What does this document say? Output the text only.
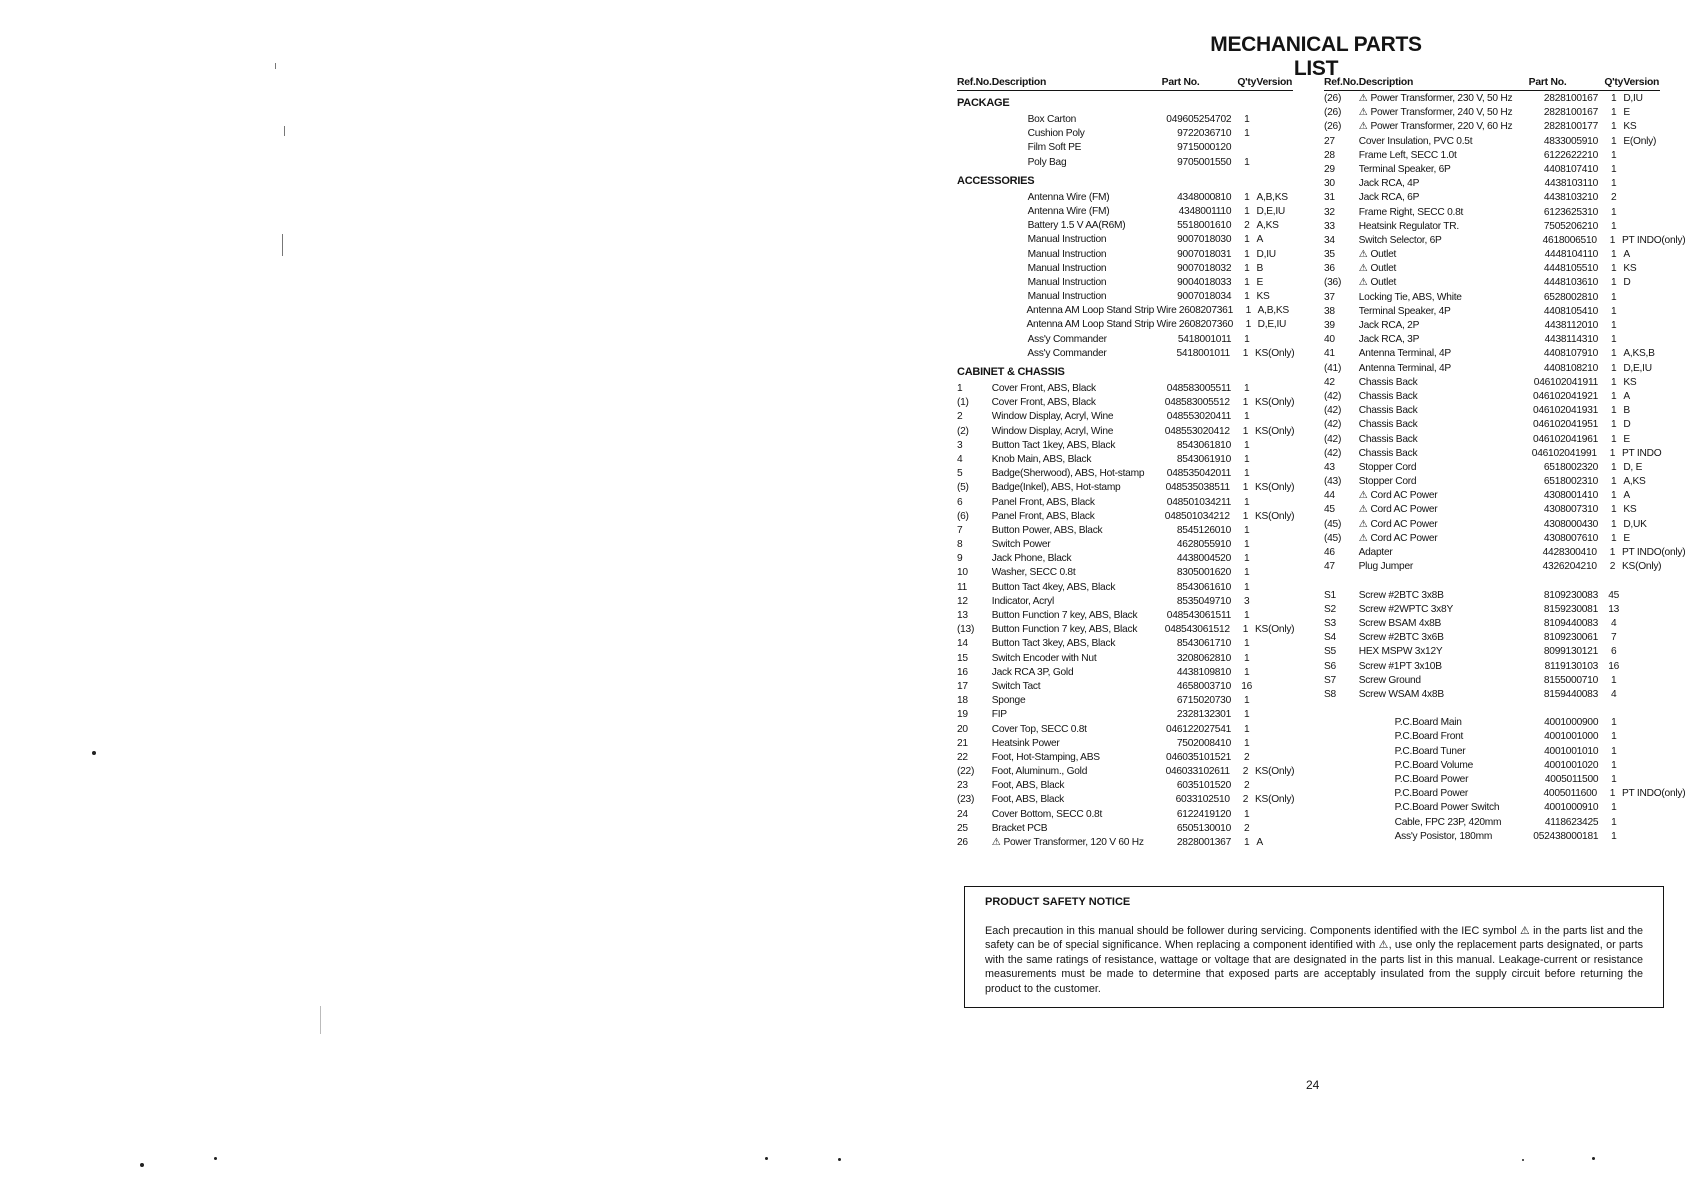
MECHANICAL PARTS LIST
Ref.No. Description	Part No.	Q'ty Version
PACKAGE
Box Carton	049605254702	1
Cushion Poly	9722036710	1
Film Soft PE	9715000120
Poly Bag	9705001550	1
ACCESSORIES
Antenna Wire (FM)	4348000810	1 A,B,KS
Antenna Wire (FM)	4348001110	1 D,E,IU
Battery 1.5 V AA(R6M)	5518001610	2 A,KS
Manual Instruction	9007018030	1 A
Manual Instruction	9007018031	1 D,IU
Manual Instruction	9007018032	1 B
Manual Instruction	9004018033	1 E
Manual Instruction	9007018034	1 KS
Antenna AM Loop Stand Strip Wire 2608207361	1 A,B,KS
Antenna AM Loop Stand Strip Wire 2608207360	1 D,E,IU
Ass'y Commander	5418001011	1
Ass'y Commander	5418001011	1 KS(Only)
CABINET & CHASSIS
1	Cover Front, ABS, Black	048583005511	1
(1)	Cover Front, ABS, Black	048583005512	1 KS(Only)
2	Window Display, Acryl, Wine	048553020411	1
(2)	Window Display, Acryl, Wine	048553020412	1 KS(Only)
3	Button Tact 1key, ABS, Black	8543061810	1
4	Knob Main, ABS, Black	8543061910	1
5	Badge(Sherwood), ABS, Hot-stamp	048535042011	1
(5)	Badge(Inkel), ABS, Hot-stamp	048535038511	1 KS(Only)
6	Panel Front, ABS, Black	048501034211	1
(6)	Panel Front, ABS, Black	048501034212	1 KS(Only)
7	Button Power, ABS, Black	8545126010	1
8	Switch Power	4628055910	1
9	Jack Phone, Black	4438004520	1
10	Washer, SECC 0.8t	8305001620	1
11	Button Tact 4key, ABS, Black	8543061610	1
12	Indicator, Acryl	8535049710	3
13	Button Function 7 key, ABS, Black	048543061511	1
(13)	Button Function 7 key, ABS, Black	048543061512	1 KS(Only)
14	Button Tact 3key, ABS, Black	8543061710	1
15	Switch Encoder with Nut	3208062810	1
16	Jack RCA 3P, Gold	4438109810	1
17	Switch Tact	4658003710	16
18	Sponge	6715020730	1
19	FIP	2328132301	1
20	Cover Top, SECC 0.8t	046122027541	1
21	Heatsink Power	7502008410	1
22	Foot, Hot-Stamping, ABS	046035101521	2
(22)	Foot, Aluminum., Gold	046033102611	2 KS(Only)
23	Foot, ABS, Black	6035101520	2
(23)	Foot, ABS, Black	6033102510	2 KS(Only)
24	Cover Bottom, SECC 0.8t	6122419120	1
25	Bracket PCB	6505130010	2
26	⚠ Power Transformer, 120 V 60 Hz	2828001367	1 A
Ref.No. Description	Part No.	Q'ty Version
(26)	⚠ Power Transformer, 230 V, 50 Hz	2828100167	1 D,IU
(26)	⚠ Power Transformer, 240 V, 50 Hz	2828100167	1 E
(26)	⚠ Power Transformer, 220 V, 60 Hz	2828100177	1 KS
27	Cover Insulation, PVC 0.5t	4833005910	1 E(Only)
28	Frame Left, SECC 1.0t	6122622210	1
29	Terminal Speaker, 6P	4408107410	1
30	Jack RCA, 4P	4438103110	1
31	Jack RCA, 6P	4438103210	2
32	Frame Right, SECC 0.8t	6123625310	1
33	Heatsink Regulator TR.	7505206210	1
34	Switch Selector, 6P	4618006510	1 PT INDO(only)
35	⚠ Outlet	4448104110	1 A
36	⚠ Outlet	4448105510	1 KS
(36)	⚠ Outlet	4448103610	1 D
37	Locking Tie, ABS, White	6528002810	1
38	Terminal Speaker, 4P	4408105410	1
39	Jack RCA, 2P	4438112010	1
40	Jack RCA, 3P	4438114310	1
41	Antenna Terminal, 4P	4408107910	1 A,KS,B
(41)	Antenna Terminal, 4P	4408108210	1 D,E,IU
42	Chassis Back	046102041911	1 KS
(42)	Chassis Back	046102041921	1 A
(42)	Chassis Back	046102041931	1 B
(42)	Chassis Back	046102041951	1 D
(42)	Chassis Back	046102041961	1 E
(42)	Chassis Back	046102041991	1 PT INDO
43	Stopper Cord	6518002320	1 D, E
(43)	Stopper Cord	6518002310	1 A,KS
44	⚠ Cord AC Power	4308001410	1 A
45	⚠ Cord AC Power	4308007310	1 KS
(45)	⚠ Cord AC Power	4308000430	1 D,UK
(45)	⚠ Cord AC Power	4308007610	1 E
46	Adapter	4428300410	1 PT INDO(only)
47	Plug Jumper	4326204210	2 KS(Only)
S1	Screw #2BTC 3x8B	8109230083	45
S2	Screw #2WPTC 3x8Y	8159230081	13
S3	Screw BSAM 4x8B	8109440083	4
S4	Screw #2BTC 3x6B	8109230061	7
S5	HEX MSPW 3x12Y	8099130121	6
S6	Screw #1PT 3x10B	8119130103	16
S7	Screw Ground	8155000710	1
S8	Screw WSAM 4x8B	8159440083	4
P.C.Board Main	4001000900	1
P.C.Board Front	4001001000	1
P.C.Board Tuner	4001001010	1
P.C.Board Volume	4001001020	1
P.C.Board Power	4005011500	1
P.C.Board Power	4005011600	1 PT INDO(only)
P.C.Board Power Switch	4001000910	1
Cable, FPC 23P, 420mm	4118623425	1
Ass'y Posistor, 180mm	052438000181	1
PRODUCT SAFETY NOTICE
Each precaution in this manual should be follower during servicing. Components identified with the IEC symbol ⚠ in the parts list and the safety can be of special significance. When replacing a component identified with ⚠, use only the replacement parts designated, or parts with the same ratings of resistance, wattage or voltage that are designated in the parts list in this manual. Leakage-current or resistance measurements must be made to determine that exposed parts are acceptably insulated from the supply circuit before returning the product to the customer.
24
